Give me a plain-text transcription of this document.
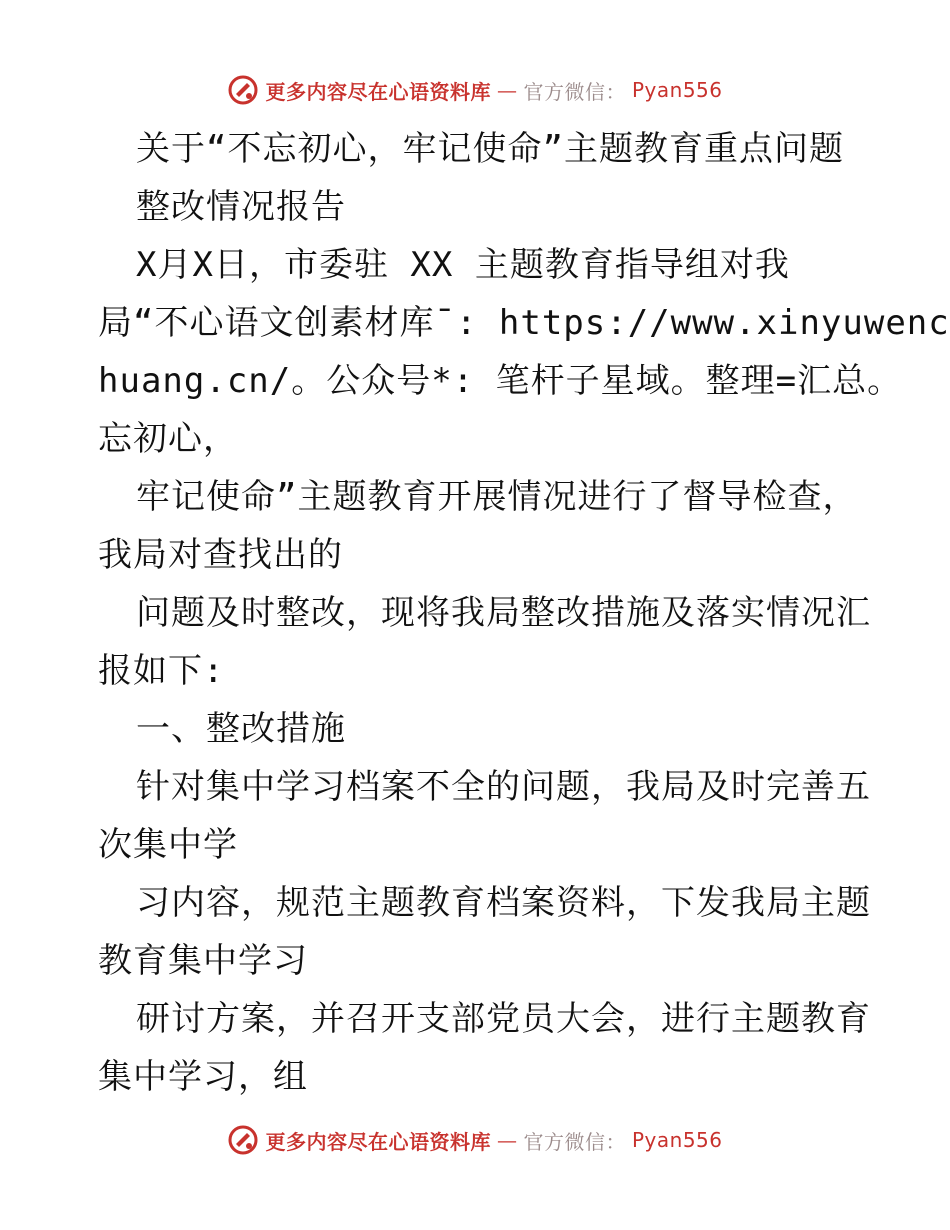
更多内容尽在心语资料库 — 官方微信： Pyan556
关于“不忘初心，牢记使命”主题教育重点问题
整改情况报告
X月X日，市委驻 XX 主题教育指导组对我
局“不心语文创素材库¯: https://www.xinyuwenc
huang.cn/。公众号*: 笔杆子星域。整理=汇总。
忘初心，
牢记使命”主题教育开展情况进行了督导检查，
我局对查找出的
问题及时整改，现将我局整改措施及落实情况汇
报如下:
一、整改措施
针对集中学习档案不全的问题，我局及时完善五
次集中学
习内容，规范主题教育档案资料，下发我局主题
教育集中学习
研讨方案，并召开支部党员大会，进行主题教育
集中学习，组
更多内容尽在心语资料库 — 官方微信： Pyan556
